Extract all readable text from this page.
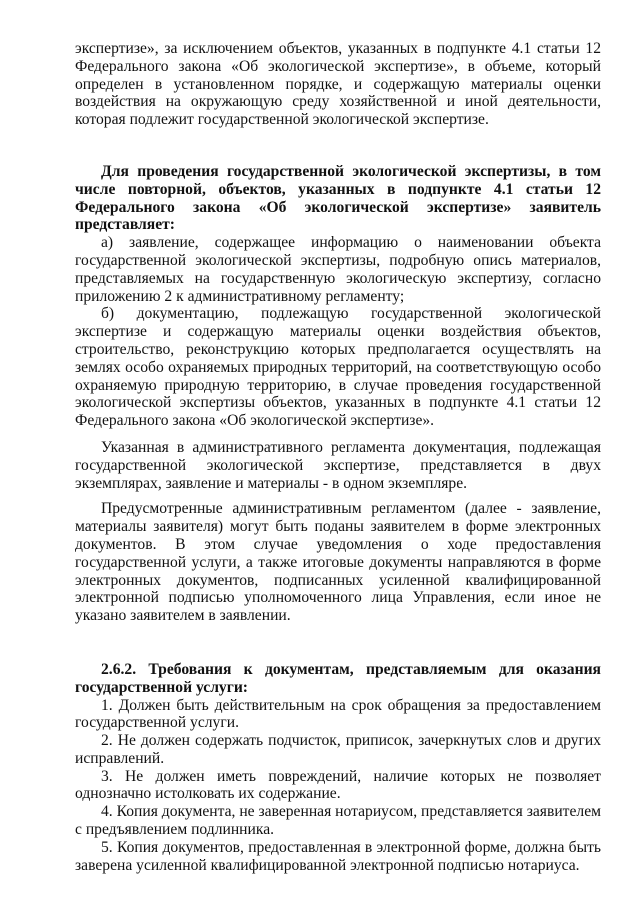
экспертизе», за исключением объектов, указанных в подпункте 4.1 статьи 12 Федерального закона «Об экологической экспертизе», в объеме, который определен в установленном порядке, и содержащую материалы оценки воздействия на окружающую среду хозяйственной и иной деятельности, которая подлежит государственной экологической экспертизе.

Для проведения государственной экологической экспертизы, в том числе повторной, объектов, указанных в подпункте 4.1 статьи 12 Федерального закона «Об экологической экспертизе» заявитель представляет:

а) заявление, содержащее информацию о наименовании объекта государственной экологической экспертизы, подробную опись материалов, представляемых на государственную экологическую экспертизу, согласно приложению 2 к административному регламенту;

б) документацию, подлежащую государственной экологической экспертизе и содержащую материалы оценки воздействия объектов, строительство, реконструкцию которых предполагается осуществлять на землях особо охраняемых природных территорий, на соответствующую особо охраняемую природную территорию, в случае проведения государственной экологической экспертизы объектов, указанных в подпункте 4.1 статьи 12 Федерального закона «Об экологической экспертизе».

Указанная в административного регламента документация, подлежащая государственной экологической экспертизе, представляется в двух экземплярах, заявление и материалы - в одном экземпляре.

Предусмотренные административным регламентом (далее - заявление, материалы заявителя) могут быть поданы заявителем в форме электронных документов. В этом случае уведомления о ходе предоставления государственной услуги, а также итоговые документы направляются в форме электронных документов, подписанных усиленной квалифицированной электронной подписью уполномоченного лица Управления, если иное не указано заявителем в заявлении.

2.6.2. Требования к документам, представляемым для оказания государственной услуги:

1. Должен быть действительным на срок обращения за предоставлением государственной услуги.

2. Не должен содержать подчисток, приписок, зачеркнутых слов и других исправлений.

3. Не должен иметь повреждений, наличие которых не позволяет однозначно истолковать их содержание.

4. Копия документа, не заверенная нотариусом, представляется заявителем с предъявлением подлинника.

5. Копия документов, предоставленная в электронной форме, должна быть заверена усиленной квалифицированной электронной подписью нотариуса.
